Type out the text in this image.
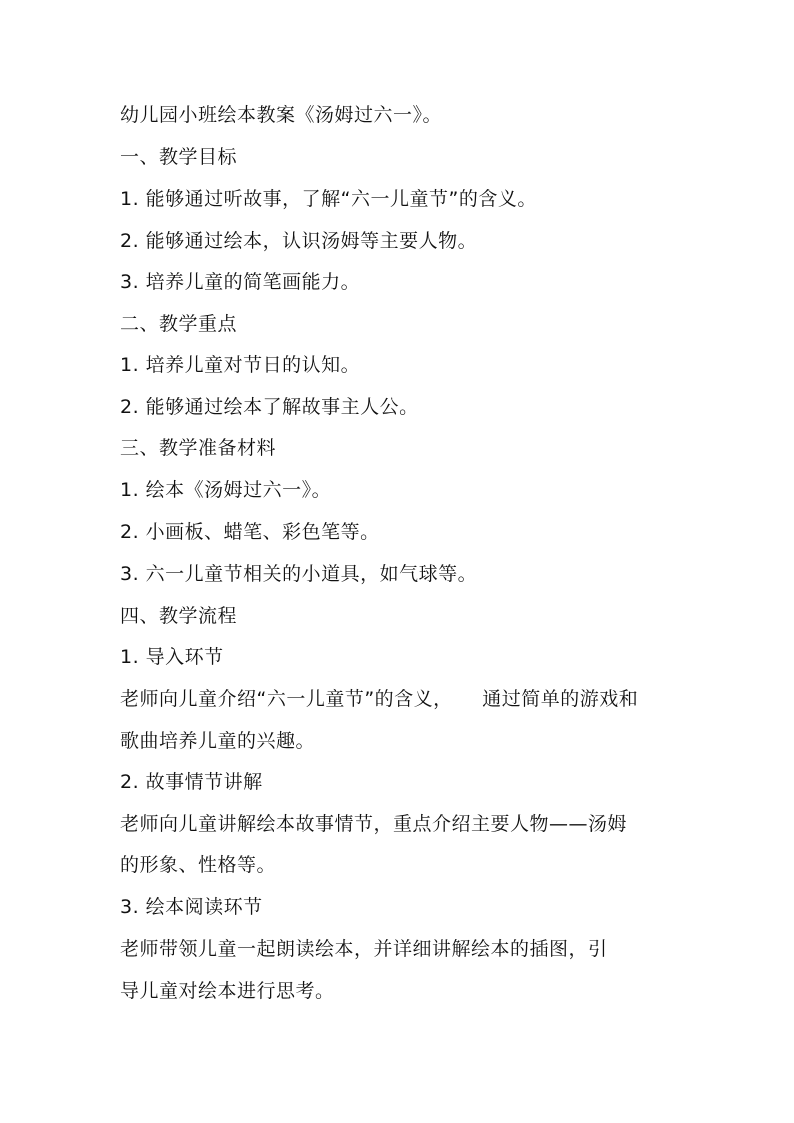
幼儿园小班绘本教案《汤姆过六一》。
一、教学目标
1. 能够通过听故事，了解“六一儿童节”的含义。
2. 能够通过绘本，认识汤姆等主要人物。
3. 培养儿童的简笔画能力。
二、教学重点
1. 培养儿童对节日的认知。
2. 能够通过绘本了解故事主人公。
三、教学准备材料
1. 绘本《汤姆过六一》。
2. 小画板、蜡笔、彩色笔等。
3. 六一儿童节相关的小道具，如气球等。
四、教学流程
1. 导入环节
老师向儿童介绍“六一儿童节”的含义，　　通过简单的游戏和
歌曲培养儿童的兴趣。
2. 故事情节讲解
老师向儿童讲解绘本故事情节，重点介绍主要人物——汤姆
的形象、性格等。
3. 绘本阅读环节
老师带领儿童一起朗读绘本，并详细讲解绘本的插图，引
导儿童对绘本进行思考。
